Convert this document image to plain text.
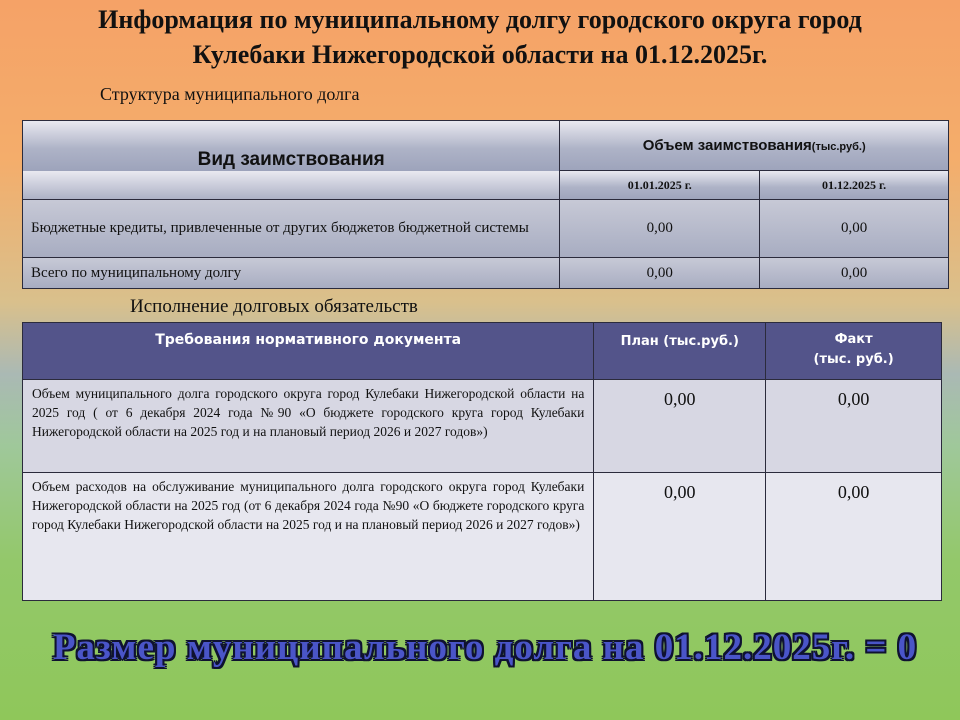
Информация по муниципальному долгу городского округа город
Кулебаки Нижегородской области на 01.12.2025г.
Структура муниципального долга
Вид заимствования	Объем заимствования(тыс.руб.)	
	01.01.2025 г.	01.12.2025 г.
Бюджетные кредиты, привлеченные от других бюджетов бюджетной системы	0,00	0,00
Всего по муниципальному долгу	0,00	0,00
Исполнение долговых обязательств
Требования нормативного документа	План (тыс.руб.)	Факт
(тыс. руб.)

Объем муниципального долга городского округа город Кулебаки Нижегородской области на 2025 год ( от 6 декабря 2024 года №90 «О бюджете городского круга город Кулебаки Нижегородской области на 2025 год и на плановый период 2026 и 2027 годов»)	0,00	0,00
Объем расходов на обслуживание муниципального долга городского округа город Кулебаки Нижегородской области на 2025 год (от 6 декабря 2024 года №90 «О бюджете городского круга город Кулебаки Нижегородской области на 2025 год и на плановый период 2026 и 2027 годов»)	0,00	0,00
Размер муниципального долга на 01.12.2025г. = 0
